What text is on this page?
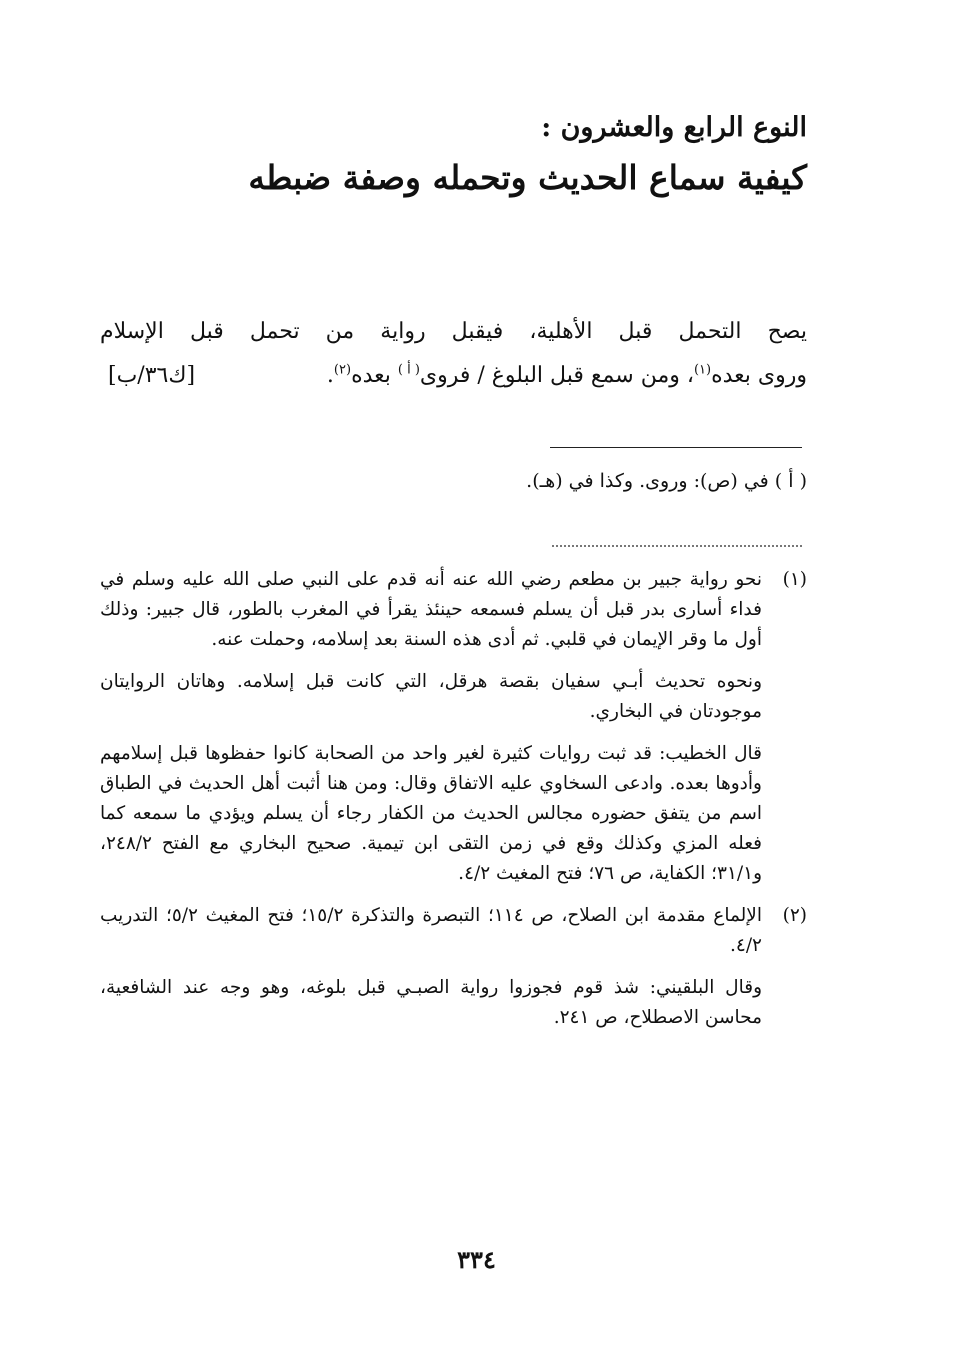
النوع الرابع والعشرون :
كيفية سماع الحديث وتحمله وصفة ضبطه
يصح التحمل قبل الأهلية، فيقبل رواية من تحمل قبل الإسلام
وروى بعده$^{(١)}$، ومن سمع قبل البلوغ / فروى$^{( أ )}$ بعده$^{(٢)}$.
[ك٣٦/ب]
( أ ) في (ص): وروى. وكذا في (هـ).
(١)

نحو رواية جبير بن مطعم رضي الله عنه أنه قدم على النبي صلى الله عليه وسلم في فداء أسارى بدر قبل أن يسلم فسمعه حينئذ يقرأ في المغرب بالطور، قال جبير: وذلك أول ما وقر الإيمان في قلبي. ثم أدى هذه السنة بعد إسلامه، وحملت عنه.

ونحوه تحديث أبـي سفيان بقصة هرقل، التي كانت قبل إسلامه. وهاتان الروايتان موجودتان في البخاري.

قال الخطيب: قد ثبت روايات كثيرة لغير واحد من الصحابة كانوا حفظوها قبل إسلامهم وأدوها بعده. وادعى السخاوي عليه الاتفاق وقال: ومن هنا أثبت أهل الحديث في الطباق اسم من يتفق حضوره مجالس الحديث من الكفار رجاء أن يسلم ويؤدي ما سمعه كما فعله المزي وكذلك وقع في زمن التقى ابن تيمية. صحيح البخاري مع الفتح ٢٤٨/٢، و٣١/١؛ الكفاية، ص ٧٦؛ فتح المغيث ٤/٢.

(٢)

الإلماع مقدمة ابن الصلاح، ص ١١٤؛ التبصرة والتذكرة ١٥/٢؛ فتح المغيث ٥/٢؛ التدريب ٤/٢.

وقال البلقيني: شذ قوم فجوزوا رواية الصبـي قبل بلوغه، وهو وجه عند الشافعية، محاسن الاصطلاح، ص ٢٤١.

٣٣٤
